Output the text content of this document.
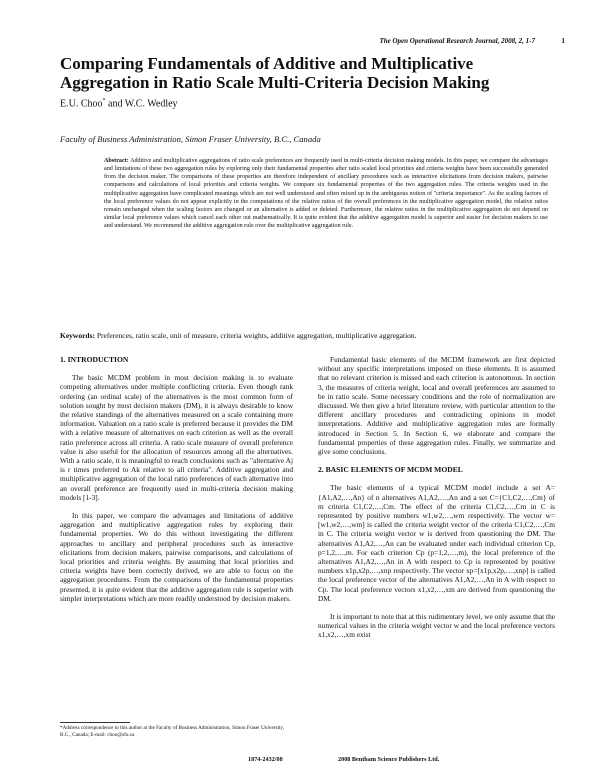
The Open Operational Research Journal, 2008, 2, 1-7	1
Comparing Fundamentals of Additive and Multiplicative Aggregation in Ratio Scale Multi-Criteria Decision Making
E.U. Choo* and W.C. Wedley
Faculty of Business Administration, Simon Fraser University, B.C., Canada

Abstract: Additive and multiplicative aggregations of ratio scale preferences are frequently used in multi-criteria decision making models. In this paper, we compare the advantages and limitations of these two aggregation rules by exploring only their fundamental properties after ratio scaled local priorities and criteria weights have been successfully generated from the decision maker. The comparisons of these properties are therefore independent of ancillary procedures such as interactive elicitations from decision makers, pairwise comparisons and calculations of local priorities and criteria weights. We compare six fundamental properties of the two aggregation rules. The criteria weights used in the multiplicative aggregation have complicated meanings which are not well understood and often mixed up in the ambiguous notion of "criteria importance". As the scaling factors of the local preference values do not appear explicitly in the computations of the relative ratios of the overall preferences in the multiplicative aggregation model, the relative ratios remain unchanged when the scaling factors are changed or an alternative is added or deleted. Furthermore, the relative ratios in the multiplicative aggregation do not depend on similar local preference values which cancel each other out mathematically. It is quite evident that the additive aggregation model is superior and easier for decision makers to use and understand. We recommend the additive aggregation rule over the multiplicative aggregation rule.

Keywords: Preferences, ratio scale, unit of measure, criteria weights, additive aggregation, multiplicative aggregation.

1. INTRODUCTION

The basic MCDM problem in most decision making is to evaluate competing alternatives under multiple conflicting criteria. Even though rank ordering (an ordinal scale) of the alternatives is the most common form of solution sought by most decision makers (DM), it is always desirable to know the relative standings of the alternatives measured on a scale containing more information. Valuation on a ratio scale is preferred because it provides the DM with a relative measure of alternatives on each criterion as well as the overall ratio preference across all criteria. A ratio scale measure of overall preference value is also useful for the allocation of resources among all the alternatives. With a ratio scale, it is meaningful to reach conclusions such as "alternative Aj is r times preferred to Ak relative to all criteria". Additive aggregation and multiplicative aggregation of the local ratio preferences of each alternative into an overall preference are frequently used in multi-criteria decision making models [1-3].

In this paper, we compare the advantages and limitations of additive aggregation and multiplicative aggregation rules by exploring their fundamental properties. We do this without investigating the different approaches to ancillary and peripheral procedures such as interactive elicitations from decision makers, pairwise comparisons, and calculations of local priorities and criteria weights. By assuming that local priorities and criteria weights have been correctly derived, we are able to focus on the aggregation procedures. From the comparisons of the fundamental properties presented, it is quite evident that the additive aggregation rule is superior with simpler interpretations which are more readily understood by decision makers.

Fundamental basic elements of the MCDM framework are first depicted without any specific interpretations imposed on these elements. It is assumed that no relevant criterion is missed and each criterion is autonomous. In section 3, the measures of criteria weight, local and overall preferences are assumed to be in ratio scale. Some necessary conditions and the role of normalization are discussed. We then give a brief literature review, with particular attention to the different ancillary procedures and contradicting opinions in model interpretations. Additive and multiplicative aggregation rules are formally introduced in Section 5. In Section 6, we elaborate and compare the fundamental properties of these aggregation rules. Finally, we summarize and give some conclusions.

2. BASIC ELEMENTS OF MCDM MODEL

The basic elements of a typical MCDM model include a set A={A1,A2,…,An} of n alternatives A1,A2,…,An and a set C={C1,C2,…,Cm} of m criteria C1,C2,…,Cm. The effect of the criteria C1,C2,…,Cm in C is represented by positive numbers w1,w2,…,wm respectively. The vector w=[w1,w2,…,wm] is called the criteria weight vector of the criteria C1,C2,…,Cm in C. The criteria weight vector w is derived from questioning the DM. The alternatives A1,A2,…,An can be evaluated under each individual criterion Cp, p=1,2,…,m. For each criterion Cp (p=1,2,…,m), the local preference of the alternatives A1,A2,…,An in A with respect to Cp is represented by positive numbers x1p,x2p,…,xnp respectively. The vector xp=[x1p,x2p,…,xnp] is called the local preference vector of the alternatives A1,A2,…,An in A with respect to Cp. The local preference vectors x1,x2,…,xm are derived from questioning the DM.

It is important to note that at this rudimentary level, we only assume that the numerical values in the criteria weight vector w and the local preference vectors x1,x2,…,xm exist

*Address correspondence to this author at the Faculty of Business Administration, Simon Fraser University, B.C., Canada; E-mail: choo@sfu.ca

1874-2432/08	2008 Bentham Science Publishers Ltd.
